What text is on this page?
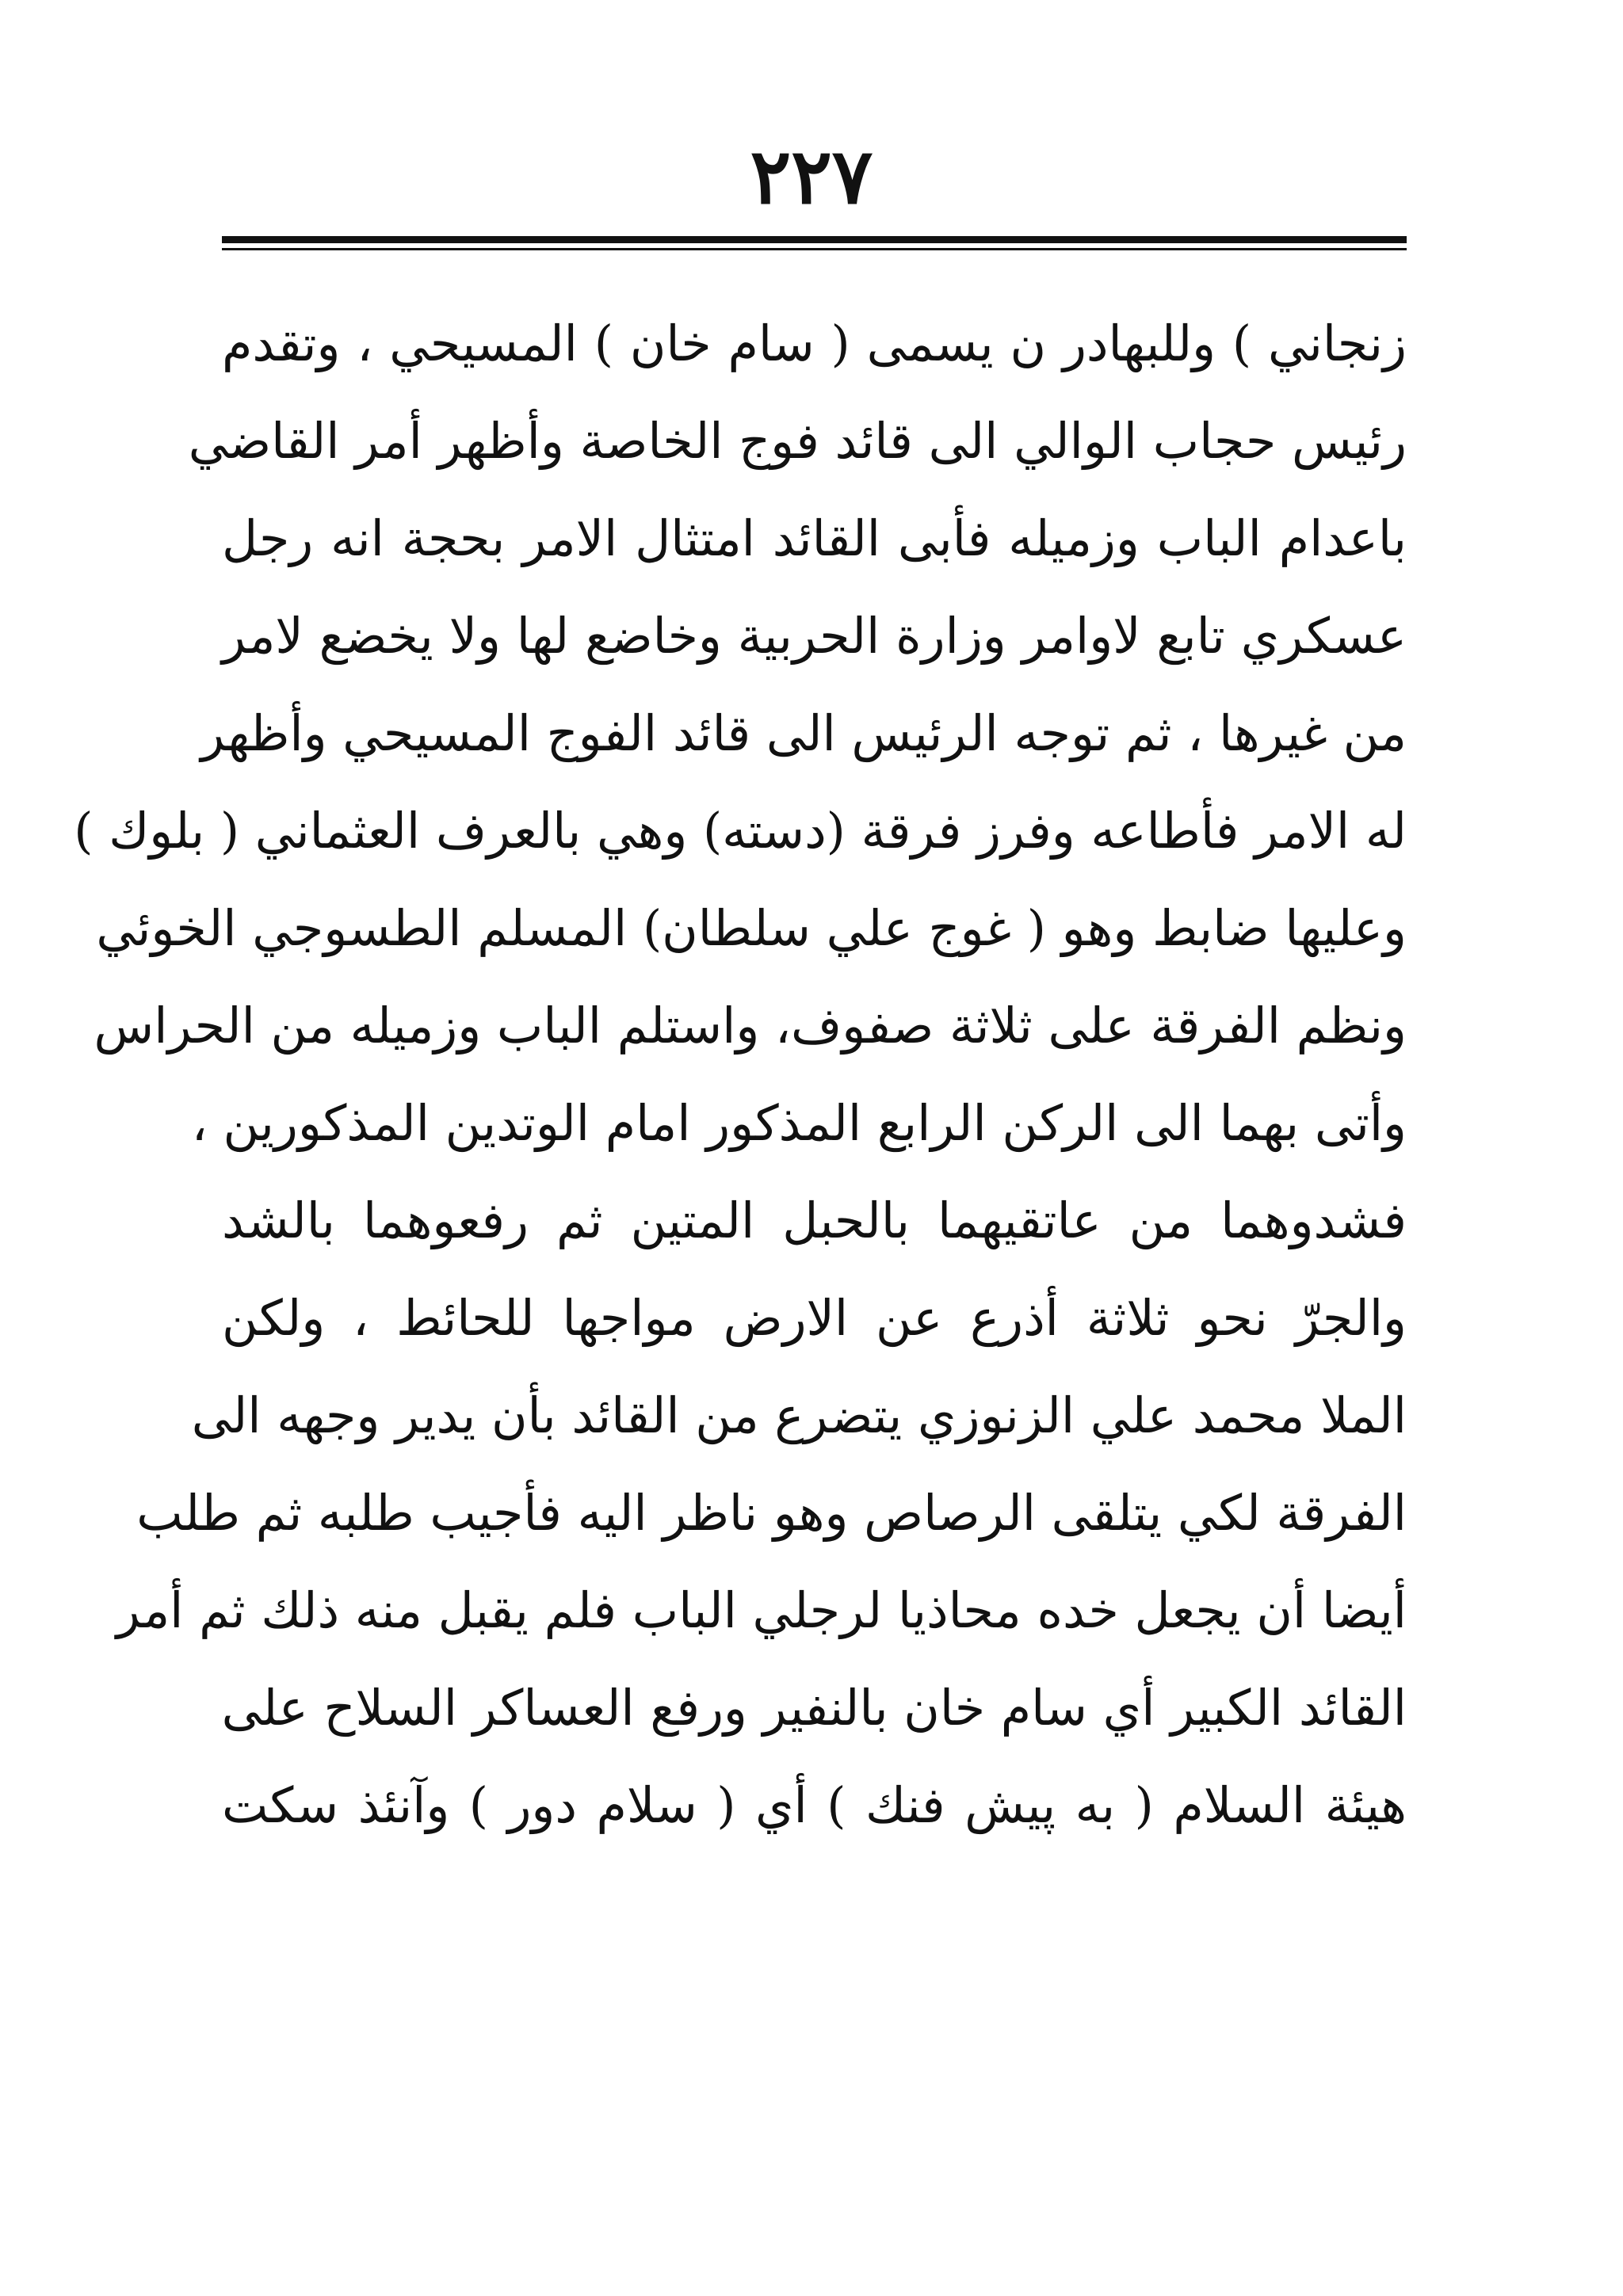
٢٢٧
زنجاني ) وللبهادر ن يسمى ( سام خان ) المسيحي ، وتقدم
رئيس حجاب الوالي الى قائد فوج الخاصة وأظهر أمر القاضي
باعدام الباب وزميله فأبى القائد امتثال الامر بحجة انه رجل
عسكري تابع لاوامر وزارة الحربية وخاضع لها ولا يخضع لامر
من غيرها ، ثم توجه الرئيس الى قائد الفوج المسيحي وأظهر
له الامر فأطاعه وفرز فرقة (دسته) وهي بالعرف العثماني ( بلوك )
وعليها ضابط وهو ( غوج علي سلطان) المسلم الطسوجي الخوئي
ونظم الفرقة على ثلاثة صفوف، واستلم الباب وزميله من الحراس
وأتى بهما الى الركن الرابع المذكور امام الوتدين المذكورين ،
فشدوهما من عاتقيهما بالحبل المتين ثم رفعوهما بالشد
والجرّ نحو ثلاثة أذرع عن الارض مواجها للحائط ، ولكن
الملا محمد علي الزنوزي يتضرع من القائد بأن يدير وجهه الى
الفرقة لكي يتلقى الرصاص وهو ناظر اليه فأجيب طلبه ثم طلب
أيضا أن يجعل خده محاذيا لرجلي الباب فلم يقبل منه ذلك ثم أمر
القائد الكبير أي سام خان بالنفير ورفع العساكر السلاح على
هيئة السلام ( به پيش فنك ) أي ( سلام دور ) وآنئذ سكت
